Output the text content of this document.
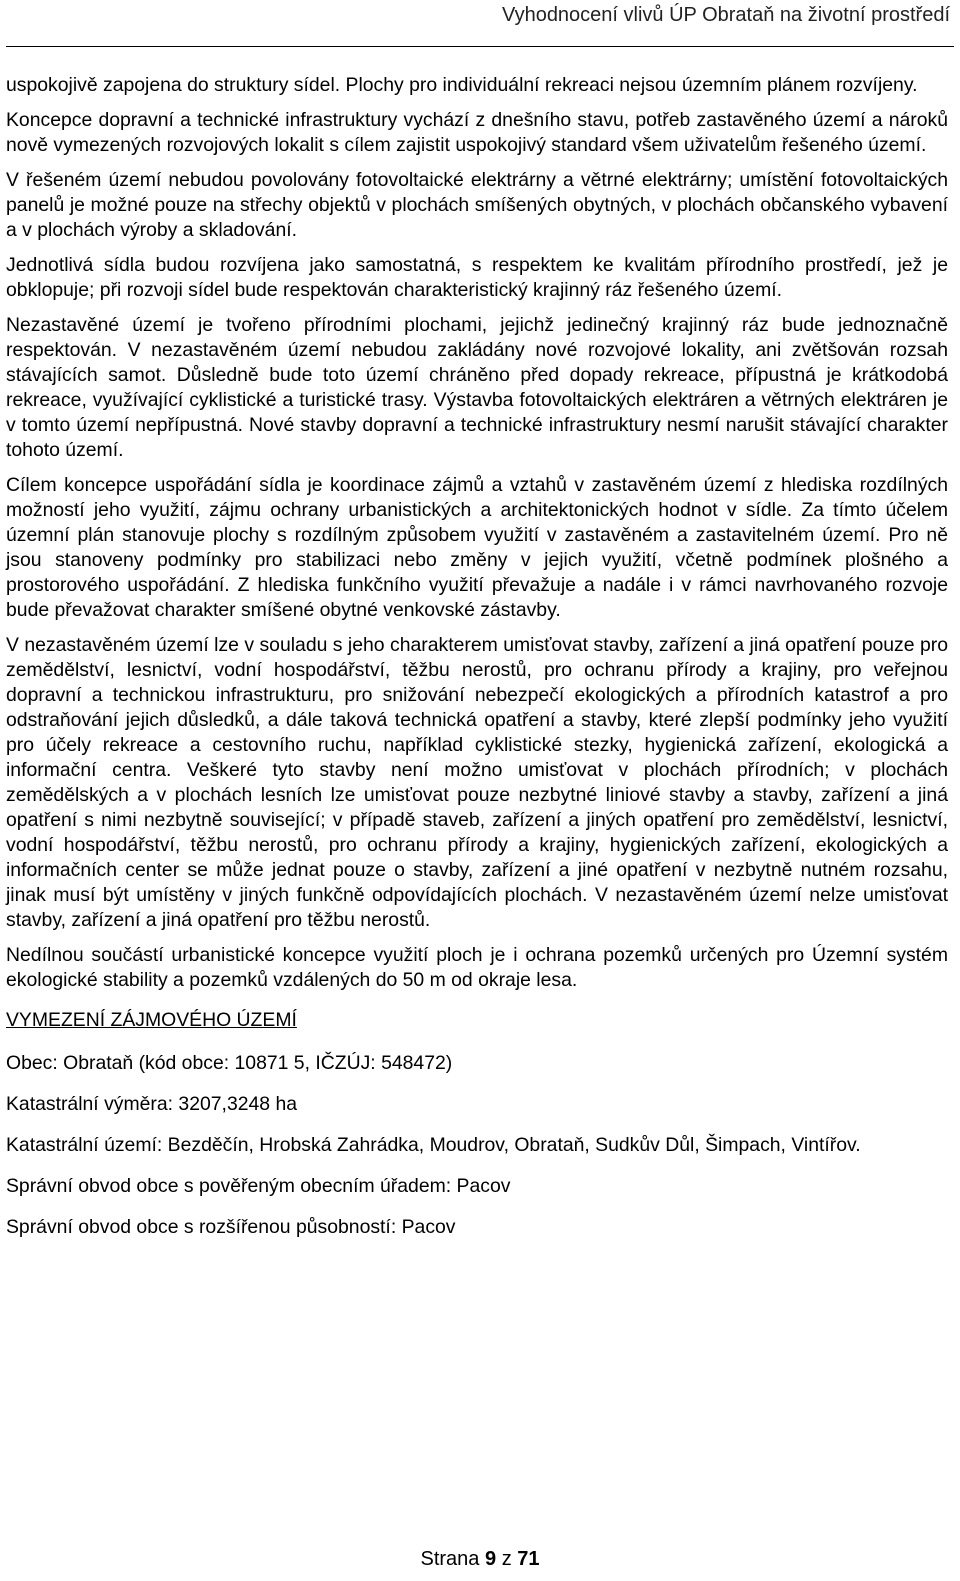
Vyhodnocení vlivů ÚP Obrataň na životní prostředí

uspokojivě zapojena do struktury sídel. Plochy pro individuální rekreaci nejsou územním plánem rozvíjeny.

Koncepce dopravní a technické infrastruktury vychází z dnešního stavu, potřeb zastavěného území a nároků nově vymezených rozvojových lokalit s cílem zajistit uspokojivý standard všem uživatelům řešeného území.

V řešeném území nebudou povolovány fotovoltaické elektrárny a větrné elektrárny; umístění fotovoltaických panelů je možné pouze na střechy objektů v plochách smíšených obytných, v plochách občanského vybavení a v plochách výroby a skladování.

Jednotlivá sídla budou rozvíjena jako samostatná, s respektem ke kvalitám přírodního prostředí, jež je obklopuje; při rozvoji sídel bude respektován charakteristický krajinný ráz řešeného území.

Nezastavěné území je tvořeno přírodními plochami, jejichž jedinečný krajinný ráz bude jednoznačně respektován. V nezastavěném území nebudou zakládány nové rozvojové lokality, ani zvětšován rozsah stávajících samot. Důsledně bude toto území chráněno před dopady rekreace, přípustná je krátkodobá rekreace, využívající cyklistické a turistické trasy. Výstavba fotovoltaických elektráren a větrných elektráren je v tomto území nepřípustná. Nové stavby dopravní a technické infrastruktury nesmí narušit stávající charakter tohoto území.

Cílem koncepce uspořádání sídla je koordinace zájmů a vztahů v zastavěném území z hlediska rozdílných možností jeho využití, zájmu ochrany urbanistických a architektonických hodnot v sídle. Za tímto účelem územní plán stanovuje plochy s rozdílným způsobem využití v zastavěném a zastavitelném území. Pro ně jsou stanoveny podmínky pro stabilizaci nebo změny v jejich využití, včetně podmínek plošného a prostorového uspořádání. Z hlediska funkčního využití převažuje a nadále i v rámci navrhovaného rozvoje bude převažovat charakter smíšené obytné venkovské zástavby.

V nezastavěném území lze v souladu s jeho charakterem umisťovat stavby, zařízení a jiná opatření pouze pro zemědělství, lesnictví, vodní hospodářství, těžbu nerostů, pro ochranu přírody a krajiny, pro veřejnou dopravní a technickou infrastrukturu, pro snižování nebezpečí ekologických a přírodních katastrof a pro odstraňování jejich důsledků, a dále taková technická opatření a stavby, které zlepší podmínky jeho využití pro účely rekreace a cestovního ruchu, například cyklistické stezky, hygienická zařízení, ekologická a informační centra. Veškeré tyto stavby není možno umisťovat v plochách přírodních; v plochách zemědělských a v plochách lesních lze umisťovat pouze nezbytné liniové stavby a stavby, zařízení a jiná opatření s nimi nezbytně související; v případě staveb, zařízení a jiných opatření pro zemědělství, lesnictví, vodní hospodářství, těžbu nerostů, pro ochranu přírody a krajiny, hygienických zařízení, ekologických a informačních center se může jednat pouze o stavby, zařízení a jiné opatření v nezbytně nutném rozsahu, jinak musí být umístěny v jiných funkčně odpovídajících plochách. V nezastavěném území nelze umisťovat stavby, zařízení a jiná opatření pro těžbu nerostů.

Nedílnou součástí urbanistické koncepce využití ploch je i ochrana pozemků určených pro Územní systém ekologické stability a pozemků vzdálených do 50 m od okraje lesa.

VYMEZENÍ ZÁJMOVÉHO ÚZEMÍ
Obec: Obrataň (kód obce: 10871 5, IČZÚJ: 548472)
Katastrální výměra: 3207,3248 ha
Katastrální území: Bezděčín, Hrobská Zahrádka, Moudrov, Obrataň, Sudkův Důl, Šimpach, Vintířov.
Správní obvod obce s pověřeným obecním úřadem: Pacov
Správní obvod obce s rozšířenou působností: Pacov
Strana 9 z 71
